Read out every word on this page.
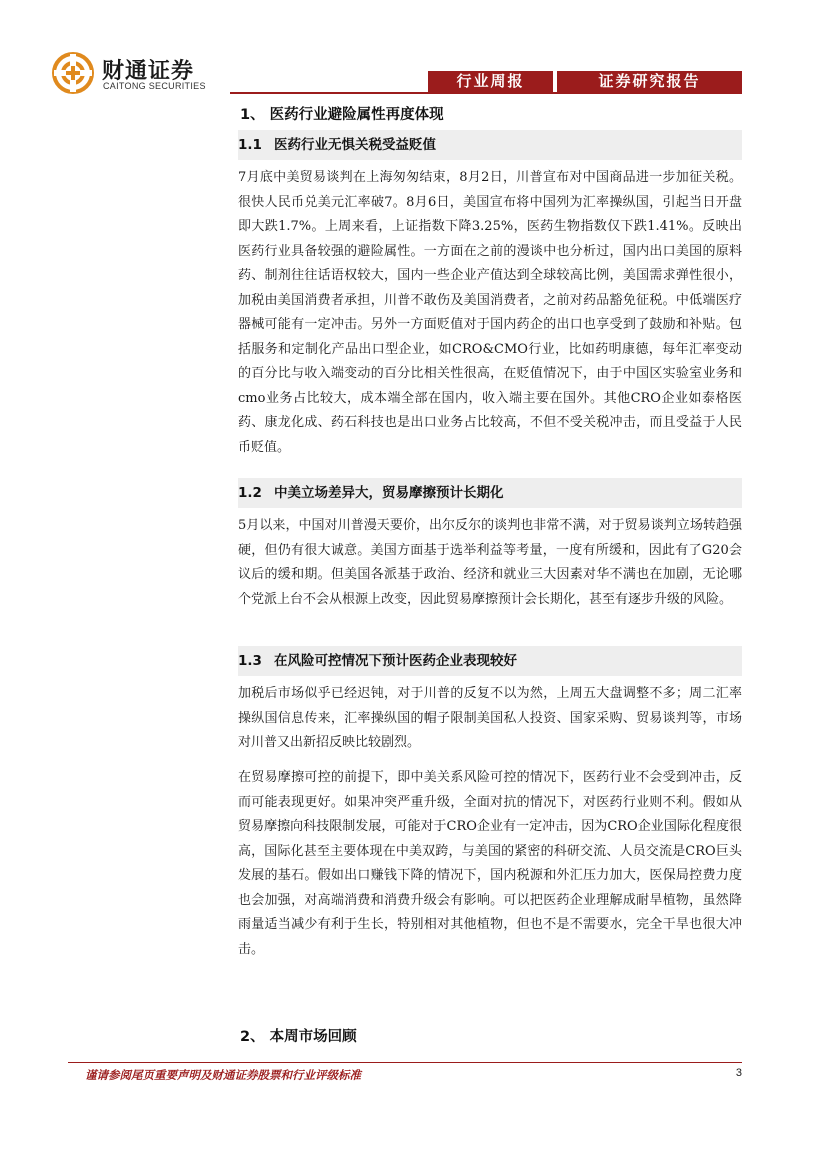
财通证券
CAITONG SECURITIES	行业周报	证券研究报告
1、 医药行业避险属性再度体现
1.1 医药行业无惧关税受益贬值

7月底中美贸易谈判在上海匆匆结束，8月2日，川普宣布对中国商品进一步加征关税。很快人民币兑美元汇率破7。8月6日，美国宣布将中国列为汇率操纵国，引起当日开盘即大跌1.7%。上周来看，上证指数下降3.25%，医药生物指数仅下跌1.41%。反映出医药行业具备较强的避险属性。一方面在之前的漫谈中也分析过，国内出口美国的原料药、制剂往往话语权较大，国内一些企业产值达到全球较高比例，美国需求弹性很小，加税由美国消费者承担，川普不敢伤及美国消费者，之前对药品豁免征税。中低端医疗器械可能有一定冲击。另外一方面贬值对于国内药企的出口也享受到了鼓励和补贴。包括服务和定制化产品出口型企业，如CRO&CMO行业，比如药明康德，每年汇率变动的百分比与收入端变动的百分比相关性很高，在贬值情况下，由于中国区实验室业务和cmo业务占比较大，成本端全部在国内，收入端主要在国外。其他CRO企业如泰格医药、康龙化成、药石科技也是出口业务占比较高，不但不受关税冲击，而且受益于人民币贬值。

1.2 中美立场差异大，贸易摩擦预计长期化

5月以来，中国对川普漫天要价，出尔反尔的谈判也非常不满，对于贸易谈判立场转趋强硬，但仍有很大诚意。美国方面基于选举利益等考量，一度有所缓和，因此有了G20会议后的缓和期。但美国各派基于政治、经济和就业三大因素对华不满也在加剧，无论哪个党派上台不会从根源上改变，因此贸易摩擦预计会长期化，甚至有逐步升级的风险。

1.3 在风险可控情况下预计医药企业表现较好

加税后市场似乎已经迟钝，对于川普的反复不以为然，上周五大盘调整不多；周二汇率操纵国信息传来，汇率操纵国的帽子限制美国私人投资、国家采购、贸易谈判等，市场对川普又出新招反映比较剧烈。

在贸易摩擦可控的前提下，即中美关系风险可控的情况下，医药行业不会受到冲击，反而可能表现更好。如果冲突严重升级，全面对抗的情况下，对医药行业则不利。假如从贸易摩擦向科技限制发展，可能对于CRO企业有一定冲击，因为CRO企业国际化程度很高，国际化甚至主要体现在中美双跨，与美国的紧密的科研交流、人员交流是CRO巨头发展的基石。假如出口赚钱下降的情况下，国内税源和外汇压力加大，医保局控费力度也会加强，对高端消费和消费升级会有影响。可以把医药企业理解成耐旱植物，虽然降雨量适当减少有利于生长，特别相对其他植物，但也不是不需要水，完全干旱也很大冲击。

2、 本周市场回顾
谨请参阅尾页重要声明及财通证券股票和行业评级标准	3
